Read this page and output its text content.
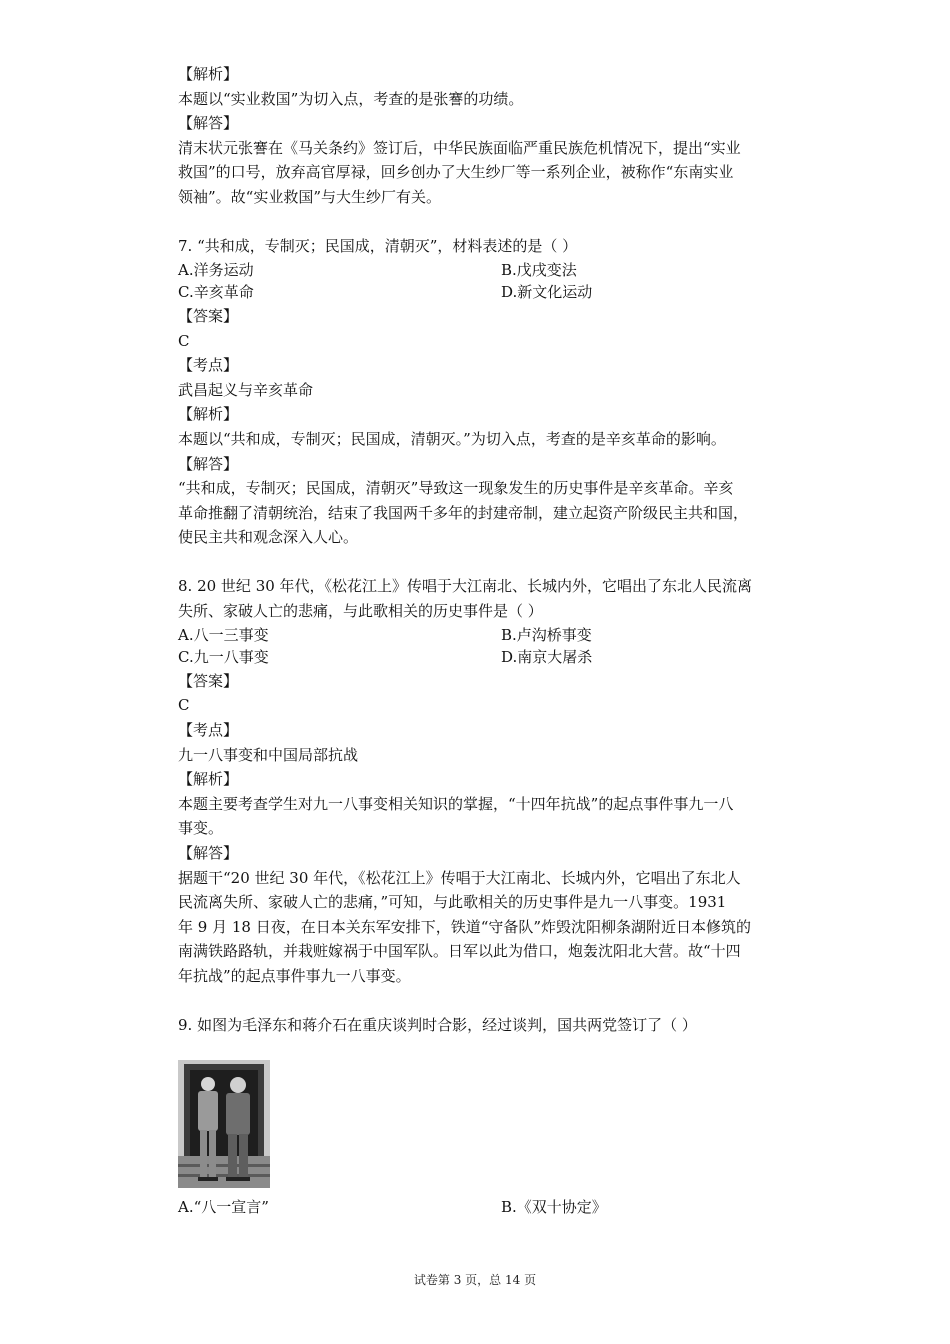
【解析】
本题以“实业救国”为切入点，考查的是张謇的功绩。
【解答】
清末状元张謇在《马关条约》签订后，中华民族面临严重民族危机情况下，提出“实业
救国”的口号，放弃高官厚禄，回乡创办了大生纱厂等一系列企业，被称作“东南实业
领袖”。故“实业救国”与大生纱厂有关。
7. “共和成，专制灭；民国成，清朝灭”，材料表述的是（ ）
A.洋务运动	B.戊戌变法
C.辛亥革命	D.新文化运动
【答案】
C
【考点】
武昌起义与辛亥革命
【解析】
本题以“共和成，专制灭；民国成，清朝灭。”为切入点，考查的是辛亥革命的影响。
【解答】
“共和成，专制灭；民国成，清朝灭”导致这一现象发生的历史事件是辛亥革命。辛亥
革命推翻了清朝统治，结束了我国两千多年的封建帝制，建立起资产阶级民主共和国，
使民主共和观念深入人心。
8. 20 世纪 30 年代，《松花江上》传唱于大江南北、长城内外，它唱出了东北人民流离
失所、家破人亡的悲痛，与此歌相关的历史事件是（ ）
A.八一三事变	B.卢沟桥事变
C.九一八事变	D.南京大屠杀
【答案】
C
【考点】
九一八事变和中国局部抗战
【解析】
本题主要考查学生对九一八事变相关知识的掌握，“十四年抗战”的起点事件事九一八
事变。
【解答】
据题干“20 世纪 30 年代，《松花江上》传唱于大江南北、长城内外，它唱出了东北人
民流离失所、家破人亡的悲痛，”可知，与此歌相关的历史事件是九一八事变。1931
年 9 月 18 日夜，在日本关东军安排下，铁道“守备队”炸毁沈阳柳条湖附近日本修筑的
南满铁路路轨，并栽赃嫁祸于中国军队。日军以此为借口，炮轰沈阳北大营。故“十四
年抗战”的起点事件事九一八事变。
9. 如图为毛泽东和蒋介石在重庆谈判时合影，经过谈判，国共两党签订了（ ）
A.“八一宣言”	B.《双十协定》
试卷第 3 页，总 14 页
